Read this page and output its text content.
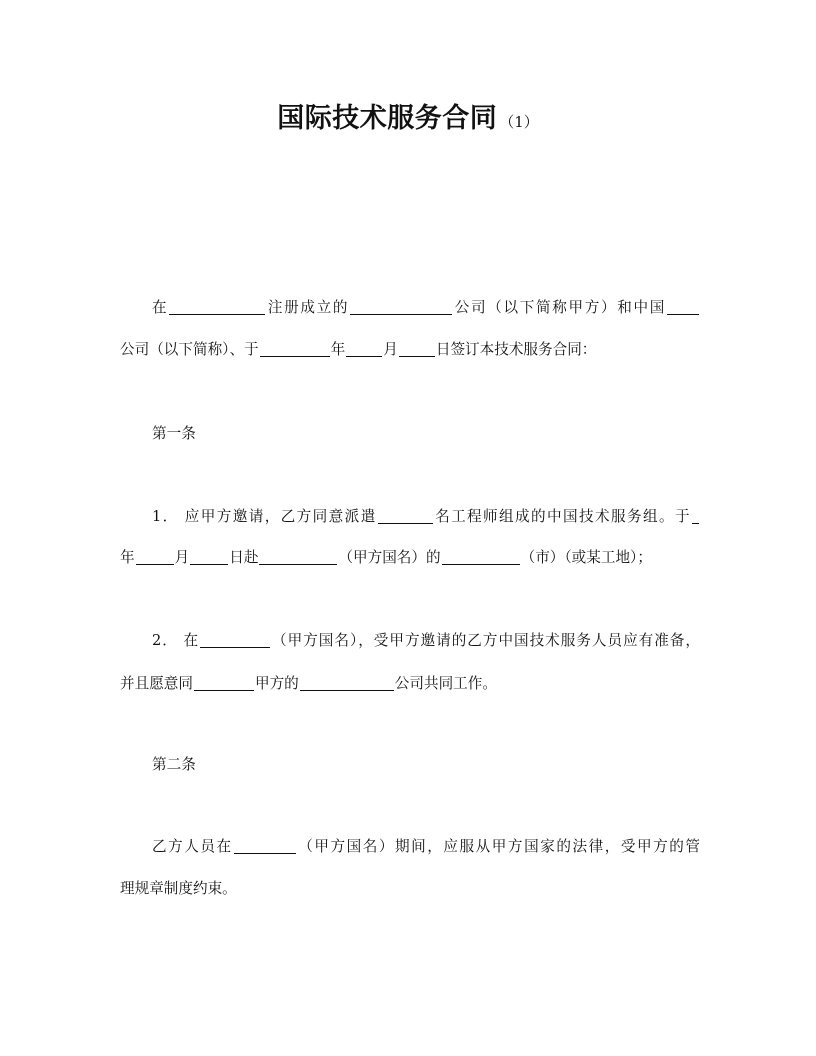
国际技术服务合同 （1）
在	注册成立的	公司（以下简称甲方）和中国
公司（以下简称）、于	年	月	日签订本技术服务合同：
第一条
1． 应甲方邀请，乙方同意派遣	名工程师组成的中国技术服务组。于
年	月	日赴	（甲方国名）的	（市）（或某工地）；
2． 在	（甲方国名），受甲方邀请的乙方中国技术服务人员应有准备，
并且愿意同	甲方的	公司共同工作。
第二条
乙方人员在	（甲方国名）期间，应服从甲方国家的法律，受甲方的管
理规章制度约束。
